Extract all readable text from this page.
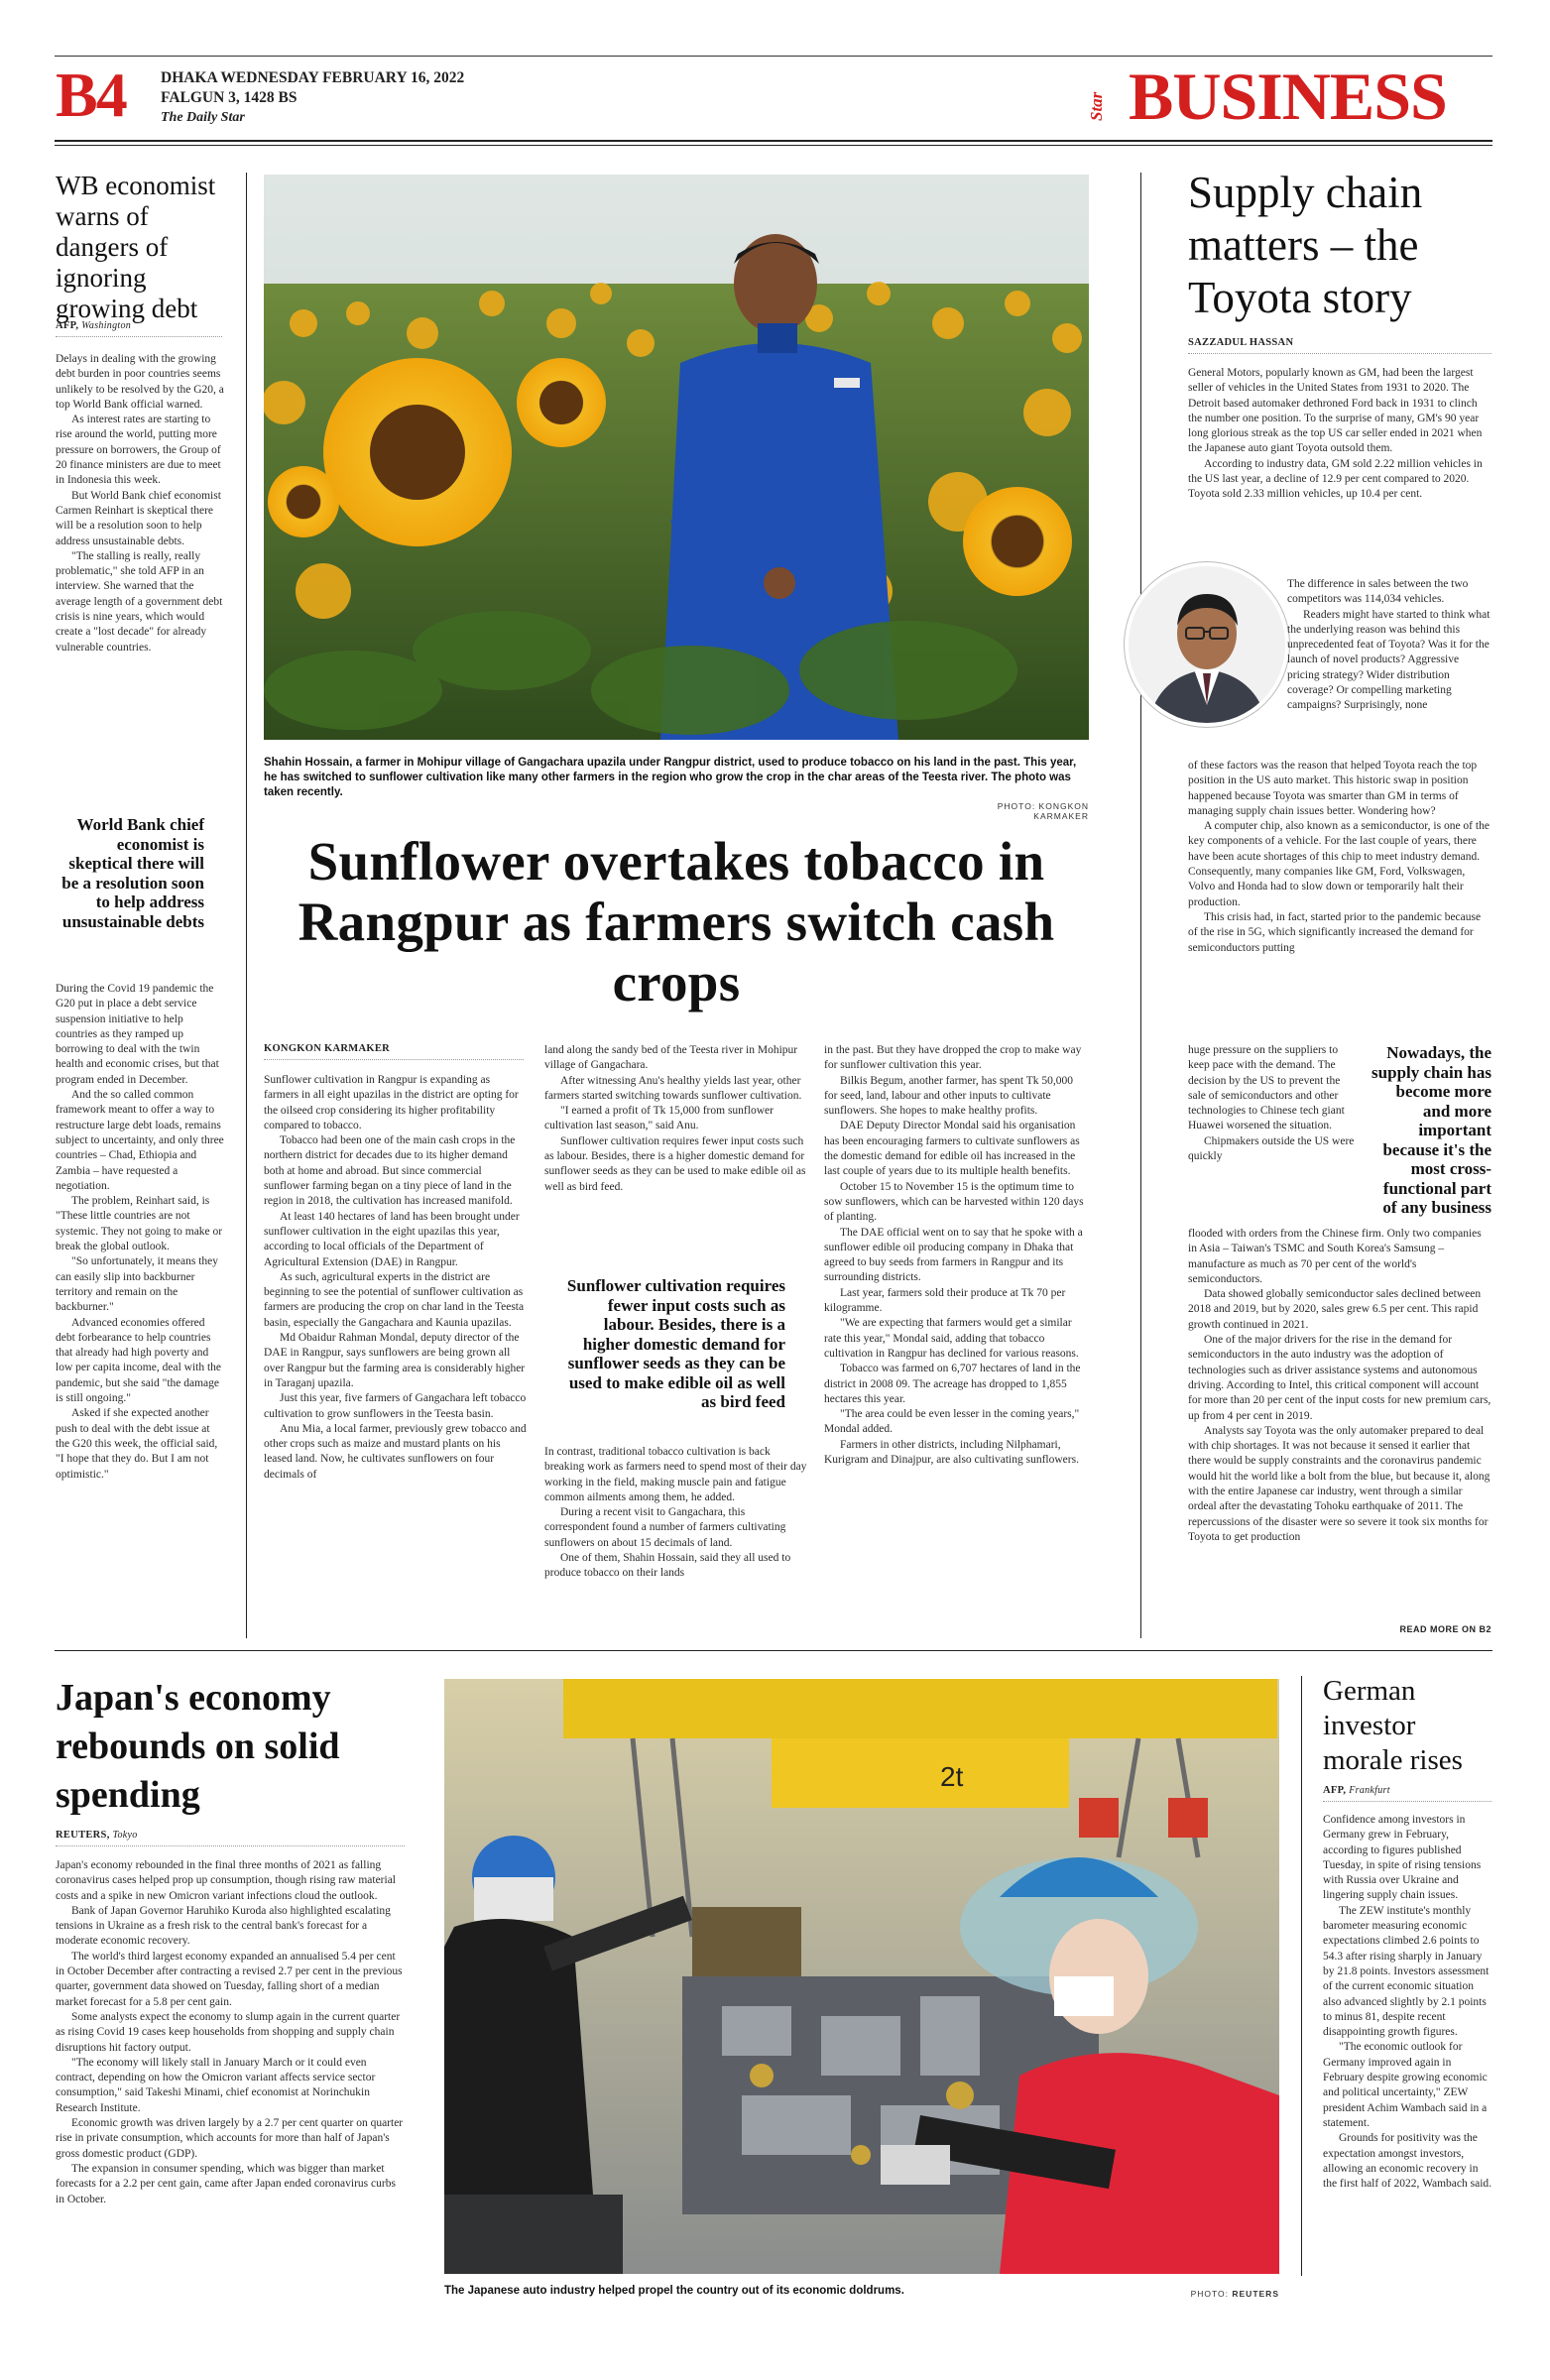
B4 DHAKA WEDNESDAY FEBRUARY 16, 2022
FALGUN 3, 1428 BS
The Daily Star	Star BUSINESS
WB economist warns of dangers of ignoring growing debt
AFP, Washington

Delays in dealing with the growing debt burden in poor countries seems unlikely to be resolved by the G20, a top World Bank official warned.

As interest rates are starting to rise around the world, putting more pressure on borrowers, the Group of 20 finance ministers are due to meet in Indonesia this week.

But World Bank chief economist Carmen Reinhart is skeptical there will be a resolution soon to help address unsustainable debts.

"The stalling is really, really problematic," she told AFP in an interview. She warned that the average length of a government debt crisis is nine years, which would create a "lost decade" for already vulnerable countries.

World Bank chief economist is skeptical there will be a resolution soon to help address unsustainable debts

During the Covid 19 pandemic the G20 put in place a debt service suspension initiative to help countries as they ramped up borrowing to deal with the twin health and economic crises, but that program ended in December.

And the so called common framework meant to offer a way to restructure large debt loads, remains subject to uncertainty, and only three countries – Chad, Ethiopia and Zambia – have requested a negotiation.

The problem, Reinhart said, is "These little countries are not systemic. They not going to make or break the global outlook.

"So unfortunately, it means they can easily slip into backburner territory and remain on the backburner."

Advanced economies offered debt forbearance to help countries that already had high poverty and low per capita income, deal with the pandemic, but she said "the damage is still ongoing."

Asked if she expected another push to deal with the debt issue at the G20 this week, the official said, "I hope that they do. But I am not optimistic."

Shahin Hossain, a farmer in Mohipur village of Gangachara upazila under Rangpur district, used to produce tobacco on his land in the past. This year, he has switched to sunflower cultivation like many other farmers in the region who grow the crop in the char areas of the Teesta river. The photo was taken recently.
PHOTO: KONGKON KARMAKER
Sunflower overtakes tobacco in Rangpur as farmers switch cash crops
KONGKON KARMAKER

Sunflower cultivation in Rangpur is expanding as farmers in all eight upazilas in the district are opting for the oilseed crop considering its higher profitability compared to tobacco.

Tobacco had been one of the main cash crops in the northern district for decades due to its higher demand both at home and abroad. But since commercial sunflower farming began on a tiny piece of land in the region in 2018, the cultivation has increased manifold.

At least 140 hectares of land has been brought under sunflower cultivation in the eight upazilas this year, according to local officials of the Department of Agricultural Extension (DAE) in Rangpur.

As such, agricultural experts in the district are beginning to see the potential of sunflower cultivation as farmers are producing the crop on char land in the Teesta basin, especially the Gangachara and Kaunia upazilas.

Md Obaidur Rahman Mondal, deputy director of the DAE in Rangpur, says sunflowers are being grown all over Rangpur but the farming area is considerably higher in Taraganj upazila.

Just this year, five farmers of Gangachara left tobacco cultivation to grow sunflowers in the Teesta basin.

Anu Mia, a local farmer, previously grew tobacco and other crops such as maize and mustard plants on his leased land. Now, he cultivates sunflowers on four decimals of

land along the sandy bed of the Teesta river in Mohipur village of Gangachara.

After witnessing Anu's healthy yields last year, other farmers started switching towards sunflower cultivation.

"I earned a profit of Tk 15,000 from sunflower cultivation last season," said Anu.

Sunflower cultivation requires fewer input costs such as labour. Besides, there is a higher domestic demand for sunflower seeds as they can be used to make edible oil as well as bird feed.

Sunflower cultivation requires fewer input costs such as labour. Besides, there is a higher domestic demand for sunflower seeds as they can be used to make edible oil as well as bird feed

In contrast, traditional tobacco cultivation is back breaking work as farmers need to spend most of their day working in the field, making muscle pain and fatigue common ailments among them, he added.

During a recent visit to Gangachara, this correspondent found a number of farmers cultivating sunflowers on about 15 decimals of land.

One of them, Shahin Hossain, said they all used to produce tobacco on their lands

in the past. But they have dropped the crop to make way for sunflower cultivation this year.

Bilkis Begum, another farmer, has spent Tk 50,000 for seed, land, labour and other inputs to cultivate sunflowers. She hopes to make healthy profits.

DAE Deputy Director Mondal said his organisation has been encouraging farmers to cultivate sunflowers as the domestic demand for edible oil has increased in the last couple of years due to its multiple health benefits.

October 15 to November 15 is the optimum time to sow sunflowers, which can be harvested within 120 days of planting.

The DAE official went on to say that he spoke with a sunflower edible oil producing company in Dhaka that agreed to buy seeds from farmers in Rangpur and its surrounding districts.

Last year, farmers sold their produce at Tk 70 per kilogramme.

"We are expecting that farmers would get a similar rate this year," Mondal said, adding that tobacco cultivation in Rangpur has declined for various reasons.

Tobacco was farmed on 6,707 hectares of land in the district in 2008 09. The acreage has dropped to 1,855 hectares this year.

"The area could be even lesser in the coming years," Mondal added.

Farmers in other districts, including Nilphamari, Kurigram and Dinajpur, are also cultivating sunflowers.

Supply chain matters – the Toyota story
SAZZADUL HASSAN

General Motors, popularly known as GM, had been the largest seller of vehicles in the United States from 1931 to 2020. The Detroit based automaker dethroned Ford back in 1931 to clinch the number one position. To the surprise of many, GM's 90 year long glorious streak as the top US car seller ended in 2021 when the Japanese auto giant Toyota outsold them.

According to industry data, GM sold 2.22 million vehicles in the US last year, a decline of 12.9 per cent compared to 2020. Toyota sold 2.33 million vehicles, up 10.4 per cent.

The difference in sales between the two competitors was 114,034 vehicles.

Readers might have started to think what the underlying reason was behind this unprecedented feat of Toyota? Was it for the launch of novel products? Aggressive pricing strategy? Wider distribution coverage? Or compelling marketing campaigns? Surprisingly, none

of these factors was the reason that helped Toyota reach the top position in the US auto market. This historic swap in position happened because Toyota was smarter than GM in terms of managing supply chain issues better. Wondering how?

A computer chip, also known as a semiconductor, is one of the key components of a vehicle. For the last couple of years, there have been acute shortages of this chip to meet industry demand. Consequently, many companies like GM, Ford, Volkswagen, Volvo and Honda had to slow down or temporarily halt their production.

This crisis had, in fact, started prior to the pandemic because of the rise in 5G, which significantly increased the demand for semiconductors putting

huge pressure on the suppliers to keep pace with the demand. The decision by the US to prevent the sale of semiconductors and other technologies to Chinese tech giant Huawei worsened the situation.

Chipmakers outside the US were quickly

Nowadays, the supply chain has become more and more important because it's the most cross-functional part of any business

flooded with orders from the Chinese firm. Only two companies in Asia – Taiwan's TSMC and South Korea's Samsung – manufacture as much as 70 per cent of the world's semiconductors.

Data showed globally semiconductor sales declined between 2018 and 2019, but by 2020, sales grew 6.5 per cent. This rapid growth continued in 2021.

One of the major drivers for the rise in the demand for semiconductors in the auto industry was the adoption of technologies such as driver assistance systems and autonomous driving. According to Intel, this critical component will account for more than 20 per cent of the input costs for new premium cars, up from 4 per cent in 2019.

Analysts say Toyota was the only automaker prepared to deal with chip shortages. It was not because it sensed it earlier that there would be supply constraints and the coronavirus pandemic would hit the world like a bolt from the blue, but because it, along with the entire Japanese car industry, went through a similar ordeal after the devastating Tohoku earthquake of 2011. The repercussions of the disaster were so severe it took six months for Toyota to get production

READ MORE ON B2
Japan's economy rebounds on solid spending
REUTERS, Tokyo

Japan's economy rebounded in the final three months of 2021 as falling coronavirus cases helped prop up consumption, though rising raw material costs and a spike in new Omicron variant infections cloud the outlook.

Bank of Japan Governor Haruhiko Kuroda also highlighted escalating tensions in Ukraine as a fresh risk to the central bank's forecast for a moderate economic recovery.

The world's third largest economy expanded an annualised 5.4 per cent in October December after contracting a revised 2.7 per cent in the previous quarter, government data showed on Tuesday, falling short of a median market forecast for a 5.8 per cent gain.

Some analysts expect the economy to slump again in the current quarter as rising Covid 19 cases keep households from shopping and supply chain disruptions hit factory output.

"The economy will likely stall in January March or it could even contract, depending on how the Omicron variant affects service sector consumption," said Takeshi Minami, chief economist at Norinchukin Research Institute.

Economic growth was driven largely by a 2.7 per cent quarter on quarter rise in private consumption, which accounts for more than half of Japan's gross domestic product (GDP).

The expansion in consumer spending, which was bigger than market forecasts for a 2.2 per cent gain, came after Japan ended coronavirus curbs in October.

2t
The Japanese auto industry helped propel the country out of its economic doldrums.	PHOTO: REUTERS
German investor morale rises
AFP, Frankfurt

Confidence among investors in Germany grew in February, according to figures published Tuesday, in spite of rising tensions with Russia over Ukraine and lingering supply chain issues.

The ZEW institute's monthly barometer measuring economic expectations climbed 2.6 points to 54.3 after rising sharply in January by 21.8 points. Investors assessment of the current economic situation also advanced slightly by 2.1 points to minus 81, despite recent disappointing growth figures.

"The economic outlook for Germany improved again in February despite growing economic and political uncertainty," ZEW president Achim Wambach said in a statement.

Grounds for positivity was the expectation amongst investors, allowing an economic recovery in the first half of 2022, Wambach said.
